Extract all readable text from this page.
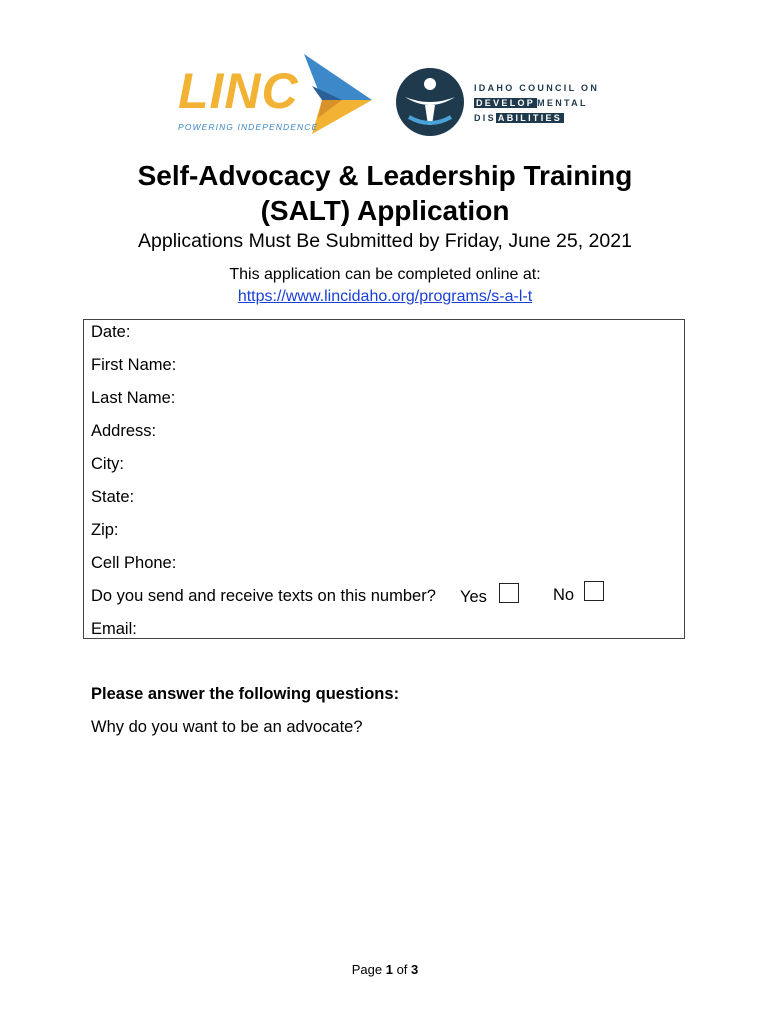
LINC
POWERING INDEPENDENCE
IDAHO COUNCIL ON
DEVELOP MENTAL
DIS ABILITIES
Self-Advocacy & Leadership Training
(SALT) Application
Applications Must Be Submitted by Friday, June 25, 2021
This application can be completed online at:
https://www.lincidaho.org/programs/s-a-l-t
Date:
First Name:
Last Name:
Address:
City:
State:
Zip:
Cell Phone:
Do you send and receive texts on this number? Yes	No
Email:
Please answer the following questions:
Why do you want to be an advocate?
Page 1 of 3
